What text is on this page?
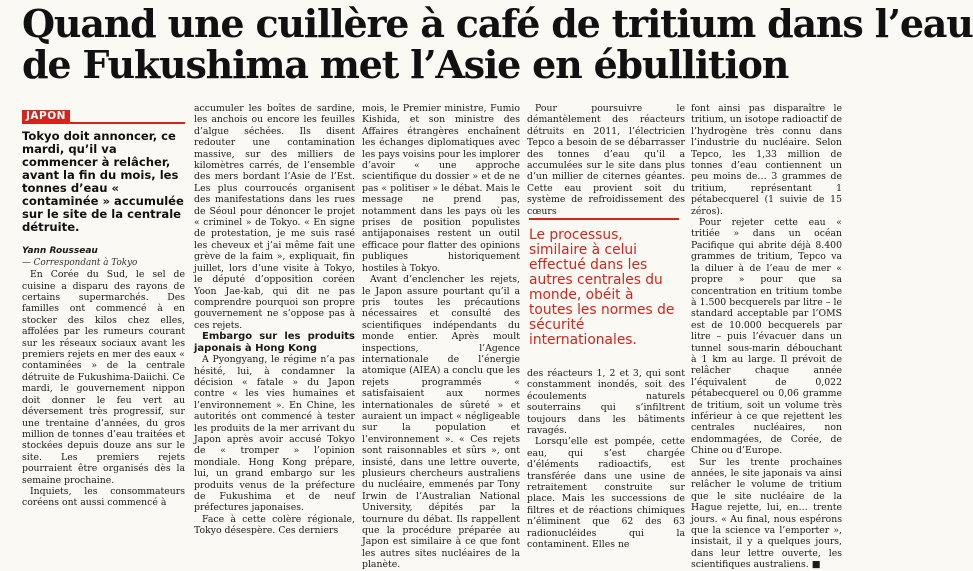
Quand une cuillère à café de tritium dans l’eau
de Fukushima met l’Asie en ébullition
JAPON
Tokyo doit annoncer, ce mardi, qu’il va commencer à relâcher, avant la fin du mois, les tonnes d’eau « contaminée » accumulée sur le site de la centrale détruite.

Yann Rousseau

— Correspondant à Tokyo

En Corée du Sud, le sel de cuisine a disparu des rayons de certains supermarchés. Des familles ont commencé à en stocker des kilos chez elles, affolées par les rumeurs courant sur les réseaux sociaux avant les premiers rejets en mer des eaux « contaminées » de la centrale détruite de Fukushima-Daiichi. Ce mardi, le gouvernement nippon doit donner le feu vert au déversement très progressif, sur une trentaine d’années, du gros million de tonnes d’eau traitées et stockées depuis douze ans sur le site. Les premiers rejets pourraient être organisés dès la semaine prochaine.

Inquiets, les consommateurs coréens ont aussi commencé à

accumuler les boîtes de sardine, les anchois ou encore les feuilles d’algue séchées. Ils disent redouter une contamination massive, sur des milliers de kilomètres carrés, de l’ensemble des mers bordant l’Asie de l’Est. Les plus courroucés organisent des manifestations dans les rues de Séoul pour dénoncer le projet « criminel » de Tokyo. « En signe de protestation, je me suis rasé les cheveux et j’ai même fait une grève de la faim », expliquait, fin juillet, lors d’une visite à Tokyo, le député d’opposition coréen Yoon Jae-kab, qui dit ne pas comprendre pourquoi son propre gouvernement ne s’oppose pas à ces rejets.

Embargo sur les produits japonais à Hong Kong

A Pyongyang, le régime n’a pas hésité, lui, à condamner la décision « fatale » du Japon contre « les vies humaines et l’environnement ». En Chine, les autorités ont commencé à tester les produits de la mer arrivant du Japon après avoir accusé Tokyo de « tromper » l’opinion mondiale. Hong Kong prépare, lui, un grand embargo sur les produits venus de la préfecture de Fukushima et de neuf préfectures japonaises.

Face à cette colère régionale, Tokyo désespère. Ces derniers

mois, le Premier ministre, Fumio Kishida, et son ministre des Affaires étrangères enchaînent les échanges diplomatiques avec les pays voisins pour les implorer d’avoir « une approche scientifique du dossier » et de ne pas « politiser » le débat. Mais le message ne prend pas, notamment dans les pays où les prises de position populistes antijaponaises restent un outil efficace pour flatter des opinions publiques historiquement hostiles à Tokyo.

Avant d’enclencher les rejets, le Japon assure pourtant qu’il a pris toutes les précautions nécessaires et consulté des scientifiques indépendants du monde entier. Après moult inspections, l’Agence internationale de l’énergie atomique (AIEA) a conclu que les rejets programmés « satisfaisaient aux normes internationales de sûreté » et auraient un impact « négligeable sur la population et l’environnement ». « Ces rejets sont raisonnables et sûrs », ont insisté, dans une lettre ouverte, plusieurs chercheurs australiens du nucléaire, emmenés par Tony Irwin de l’Australian National University, dépités par la tournure du débat. Ils rappellent que la procédure préparée au Japon est similaire à ce que font les autres sites nucléaires de la planète.

Pour poursuivre le démantèlement des réacteurs détruits en 2011, l’électricien Tepco a besoin de se débarrasser des tonnes d’eau qu’il a accumulées sur le site dans plus d’un millier de citernes géantes. Cette eau provient soit du système de refroidissement des cœurs

Le processus, similaire à celui effectué dans les autres centrales du monde, obéit à toutes les normes de sécurité internationales.

des réacteurs 1, 2 et 3, qui sont constamment inondés, soit des écoulements naturels souterrains qui s’infiltrent toujours dans les bâtiments ravagés.

Lorsqu’elle est pompée, cette eau, qui s’est chargée d’éléments radioactifs, est transférée dans une usine de retraitement construite sur place. Mais les successions de filtres et de réactions chimiques n’éliminent que 62 des 63 radionucléides qui la contaminent. Elles ne

font ainsi pas disparaître le tritium, un isotope radioactif de l’hydrogène très connu dans l’industrie du nucléaire. Selon Tepco, les 1,33 million de tonnes d’eau contiennent un peu moins de… 3 grammes de tritium, représentant 1 pétabecquerel (1 suivie de 15 zéros).

Pour rejeter cette eau « tritiée » dans un océan Pacifique qui abrite déjà 8.400 grammes de tritium, Tepco va la diluer à de l’eau de mer « propre » pour que sa concentration en tritium tombe à 1.500 becquerels par litre – le standard acceptable par l’OMS est de 10.000 becquerels par litre – puis l’évacuer dans un tunnel sous-marin débouchant à 1 km au large. Il prévoit de relâcher chaque année l’équivalent de 0,022 pétabecquerel ou 0,06 gramme de tritium, soit un volume très inférieur à ce que rejettent les centrales nucléaires, non endommagées, de Corée, de Chine ou d’Europe.

Sur les trente prochaines années, le site japonais va ainsi relâcher le volume de tritium que le site nucléaire de la Hague rejette, lui, en… trente jours. « Au final, nous espérons que la science va l’emporter », insistait, il y a quelques jours, dans leur lettre ouverte, les scientifiques australiens. ■
